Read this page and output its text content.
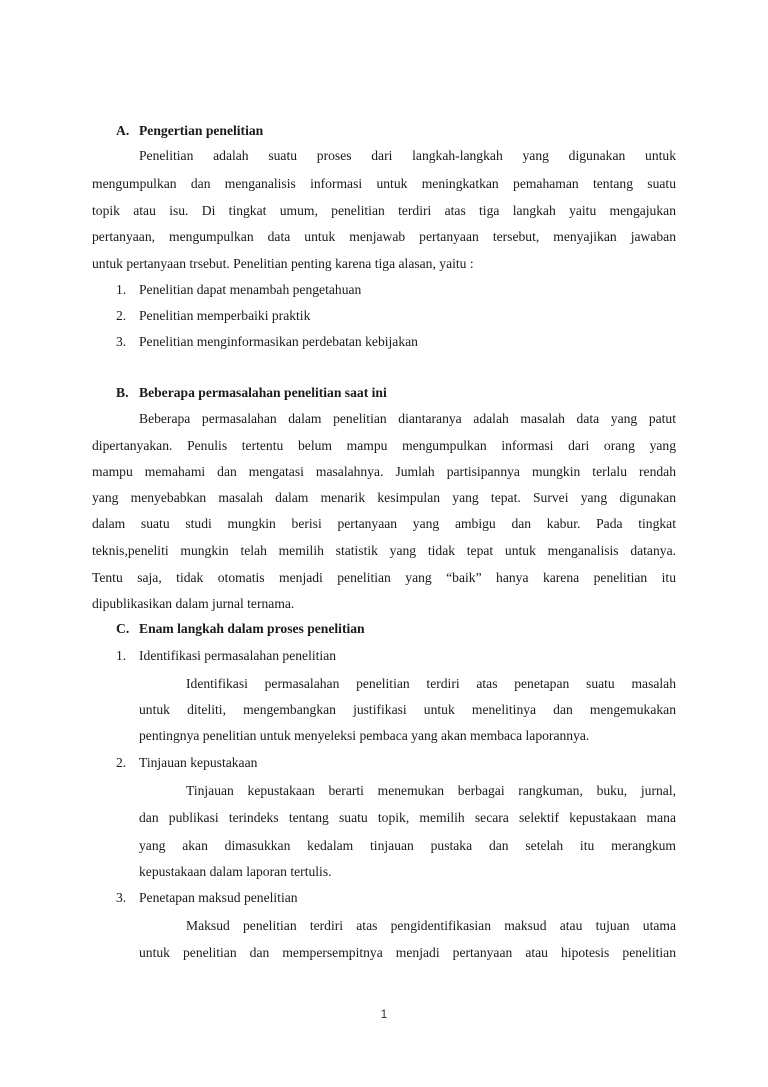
A. Pengertian penelitian
Penelitian adalah suatu proses dari langkah-langkah yang digunakan untuk
mengumpulkan dan menganalisis informasi untuk meningkatkan pemahaman tentang suatu
topik atau isu. Di tingkat umum, penelitian terdiri atas tiga langkah yaitu mengajukan
pertanyaan, mengumpulkan data untuk menjawab pertanyaan tersebut, menyajikan jawaban
untuk pertanyaan trsebut. Penelitian penting karena tiga alasan, yaitu :
1. Penelitian dapat menambah pengetahuan
2. Penelitian memperbaiki praktik
3. Penelitian menginformasikan perdebatan kebijakan
B. Beberapa permasalahan penelitian saat ini
Beberapa permasalahan dalam penelitian diantaranya adalah masalah data yang patut
dipertanyakan. Penulis tertentu belum mampu mengumpulkan informasi dari orang yang
mampu memahami dan mengatasi masalahnya. Jumlah partisipannya mungkin terlalu rendah
yang menyebabkan masalah dalam menarik kesimpulan yang tepat. Survei yang digunakan
dalam suatu studi mungkin berisi pertanyaan yang ambigu dan kabur. Pada tingkat
teknis,peneliti mungkin telah memilih statistik yang tidak tepat untuk menganalisis datanya.
Tentu saja, tidak otomatis menjadi penelitian yang “baik” hanya karena penelitian itu
dipublikasikan dalam jurnal ternama.
C. Enam langkah dalam proses penelitian
1. Identifikasi permasalahan penelitian
Identifikasi permasalahan penelitian terdiri atas penetapan suatu masalah
untuk diteliti, mengembangkan justifikasi untuk menelitinya dan mengemukakan
pentingnya penelitian untuk menyeleksi pembaca yang akan membaca laporannya.
2. Tinjauan kepustakaan
Tinjauan kepustakaan berarti menemukan berbagai rangkuman, buku, jurnal,
dan publikasi terindeks tentang suatu topik, memilih secara selektif kepustakaan mana
yang akan dimasukkan kedalam tinjauan pustaka dan setelah itu merangkum
kepustakaan dalam laporan tertulis.
3. Penetapan maksud penelitian
Maksud penelitian terdiri atas pengidentifikasian maksud atau tujuan utama
untuk penelitian dan mempersempitnya menjadi pertanyaan atau hipotesis penelitian
1
